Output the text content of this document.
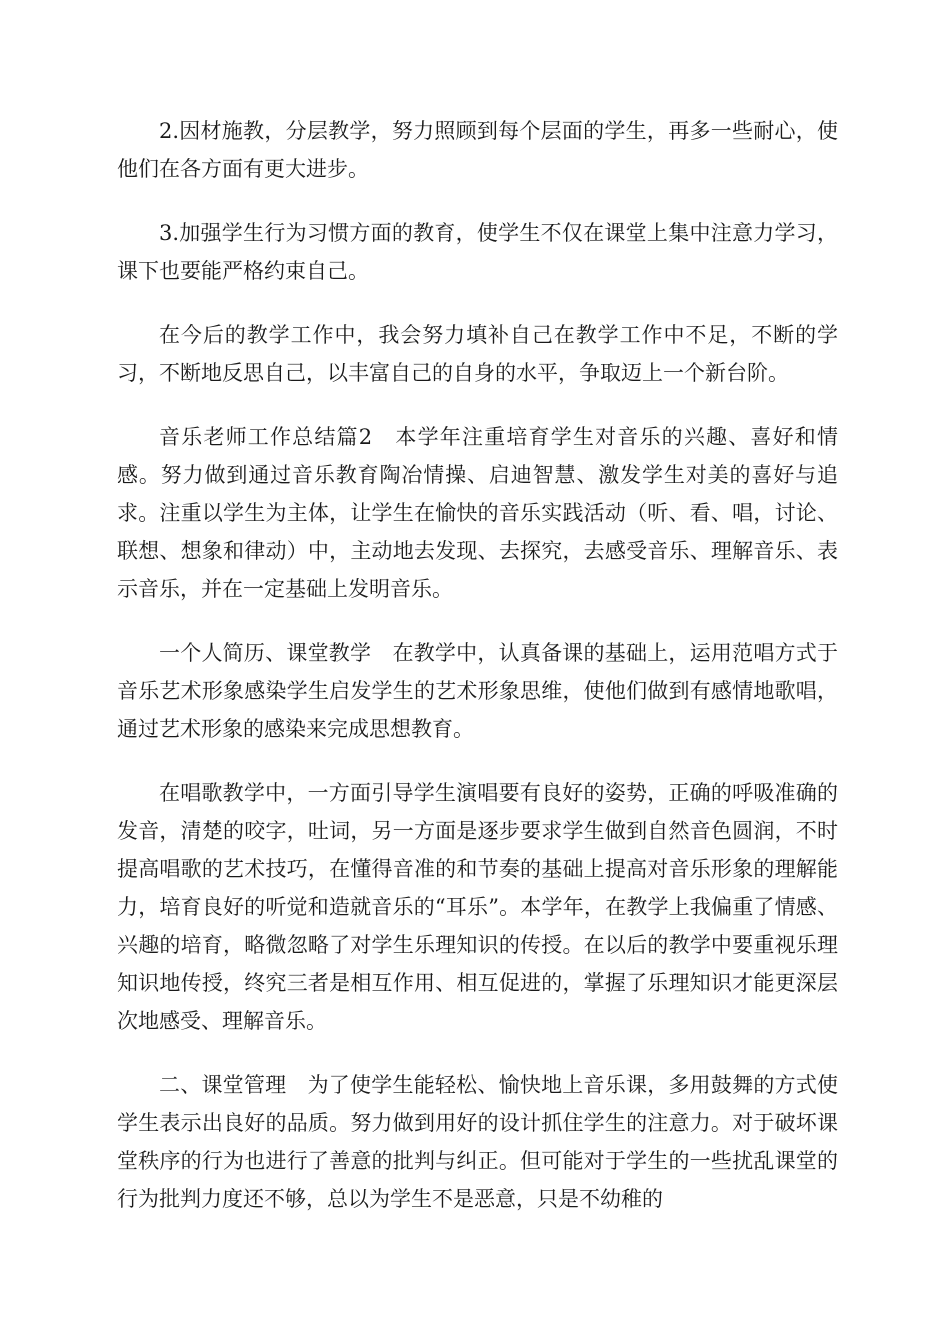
2.因材施教，分层教学，努力照顾到每个层面的学生，再多一些耐心，使他们在各方面有更大进步。

3.加强学生行为习惯方面的教育，使学生不仅在课堂上集中注意力学习，课下也要能严格约束自己。

在今后的教学工作中，我会努力填补自己在教学工作中不足，不断的学习，不断地反思自己，以丰富自己的自身的水平，争取迈上一个新台阶。

音乐老师工作总结篇2　本学年注重培育学生对音乐的兴趣、喜好和情感。努力做到通过音乐教育陶冶情操、启迪智慧、激发学生对美的喜好与追求。注重以学生为主体，让学生在愉快的音乐实践活动（听、看、唱，讨论、联想、想象和律动）中，主动地去发现、去探究，去感受音乐、理解音乐、表示音乐，并在一定基础上发明音乐。

一个人简历、课堂教学　在教学中，认真备课的基础上，运用范唱方式于音乐艺术形象感染学生启发学生的艺术形象思维，使他们做到有感情地歌唱，通过艺术形象的感染来完成思想教育。

在唱歌教学中，一方面引导学生演唱要有良好的姿势，正确的呼吸准确的发音，清楚的咬字，吐词，另一方面是逐步要求学生做到自然音色圆润，不时提高唱歌的艺术技巧，在懂得音准的和节奏的基础上提高对音乐形象的理解能力，培育良好的听觉和造就音乐的“耳乐”。本学年，在教学上我偏重了情感、兴趣的培育，略微忽略了对学生乐理知识的传授。在以后的教学中要重视乐理知识地传授，终究三者是相互作用、相互促进的，掌握了乐理知识才能更深层次地感受、理解音乐。

二、课堂管理　为了使学生能轻松、愉快地上音乐课，多用鼓舞的方式使学生表示出良好的品质。努力做到用好的设计抓住学生的注意力。对于破坏课堂秩序的行为也进行了善意的批判与纠正。但可能对于学生的一些扰乱课堂的行为批判力度还不够，总以为学生不是恶意，只是不幼稚的
